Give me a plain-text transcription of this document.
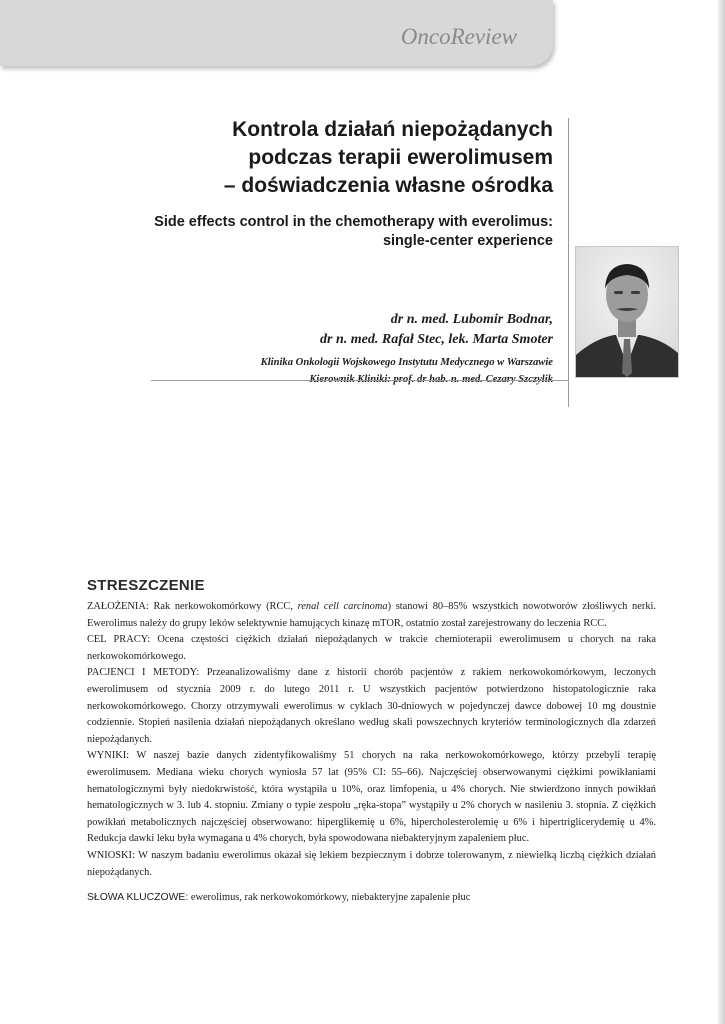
OncoReview
Kontrola działań niepożądanych
podczas terapii ewerolimusem
– doświadczenia własne ośrodka
Side effects control in the chemotherapy with everolimus:
single-center experience
dr n. med. Lubomir Bodnar,
dr n. med. Rafał Stec, lek. Marta Smoter
Klinika Onkologii Wojskowego Instytutu Medycznego w Warszawie
STRESZCZENIE

ZAŁOŻENIA: Rak nerkowokomórkowy (RCC, renal cell carcinoma) stanowi 80–85% wszystkich nowotworów złośliwych nerki. Ewerolimus należy do grupy leków selektywnie hamujących kinazę mTOR, ostatnio został zarejestrowany do leczenia RCC.

CEL PRACY: Ocena częstości ciężkich działań niepożądanych w trakcie chemioterapii ewerolimusem u chorych na raka nerkowokomórkowego.

PACJENCI I METODY: Przeanalizowaliśmy dane z historii chorób pacjentów z rakiem nerkowokomórkowym, leczonych ewerolimusem od stycznia 2009 r. do lutego 2011 r. U wszystkich pacjentów potwierdzono histopatologicznie raka nerkowokomórkowego. Chorzy otrzymywali ewerolimus w cyklach 30-dniowych w pojedynczej dawce dobowej 10 mg doustnie codziennie. Stopień nasilenia działań niepożądanych określano według skali powszechnych kryteriów terminologicznych dla zdarzeń niepożądanych.

WYNIKI: W naszej bazie danych zidentyfikowaliśmy 51 chorych na raka nerkowokomórkowego, którzy przebyli terapię ewerolimusem. Mediana wieku chorych wyniosła 57 lat (95% CI: 55–66). Najczęściej obserwowanymi ciężkimi powikłaniami hematologicznymi były niedokrwistość, która wystąpiła u 10%, oraz limfopenia, u 4% chorych. Nie stwierdzono innych powikłań hematologicznych w 3. lub 4. stopniu. Zmiany o typie zespołu „ręka-stopa” wystąpiły u 2% chorych w nasileniu 3. stopnia. Z ciężkich powikłań metabolicznych najczęściej obserwowano: hiperglikemię u 6%, hipercholesterolemię u 6% i hipertriglicerydemię u 4%. Redukcja dawki leku była wymagana u 4% chorych, była spowodowana niebakteryjnym zapaleniem płuc.

WNIOSKI: W naszym badaniu ewerolimus okazał się lekiem bezpiecznym i dobrze tolerowanym, z niewielką liczbą ciężkich działań niepożądanych.

SŁOWA KLUCZOWE: ewerolimus, rak nerkowokomórkowy, niebakteryjne zapalenie płuc
